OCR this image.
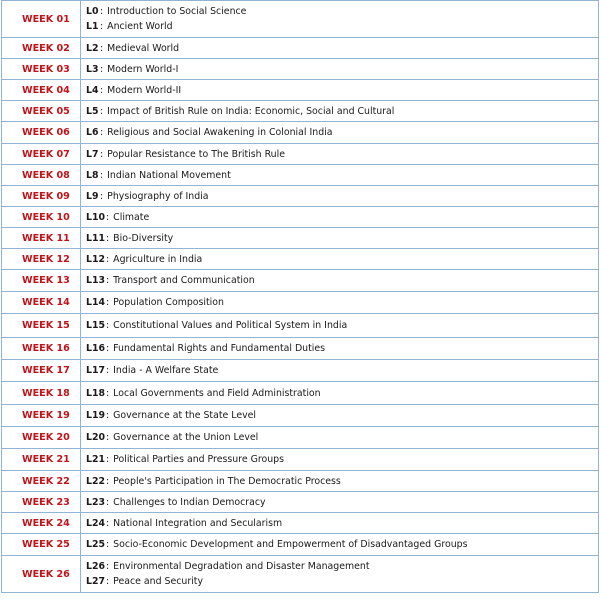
WEEK 01	L0 : Introduction to Social Science
L1 : Ancient World

WEEK 02	L2 : Medieval World

WEEK 03	L3 : Modern World-I

WEEK 04	L4 : Modern World-II

WEEK 05	L5 : Impact of British Rule on India: Economic, Social and Cultural

WEEK 06	L6 : Religious and Social Awakening in Colonial India

WEEK 07	L7 : Popular Resistance to The British Rule

WEEK 08	L8 : Indian National Movement

WEEK 09	L9 : Physiography of India

WEEK 10	L10: Climate

WEEK 11	L11: Bio-Diversity

WEEK 12	L12: Agriculture in India

WEEK 13	L13: Transport and Communication

WEEK 14	L14: Population Composition

WEEK 15	L15: Constitutional Values and Political System in India

WEEK 16	L16: Fundamental Rights and Fundamental Duties

WEEK 17	L17: India - A Welfare State

WEEK 18	L18: Local Governments and Field Administration

WEEK 19	L19: Governance at the State Level

WEEK 20	L20: Governance at the Union Level

WEEK 21	L21: Political Parties and Pressure Groups

WEEK 22	L22: People's Participation in The Democratic Process

WEEK 23	L23: Challenges to Indian Democracy

WEEK 24	L24: National Integration and Secularism

WEEK 25	L25: Socio-Economic Development and Empowerment of Disadvantaged Groups

WEEK 26	L26: Environmental Degradation and Disaster Management
L27: Peace and Security
